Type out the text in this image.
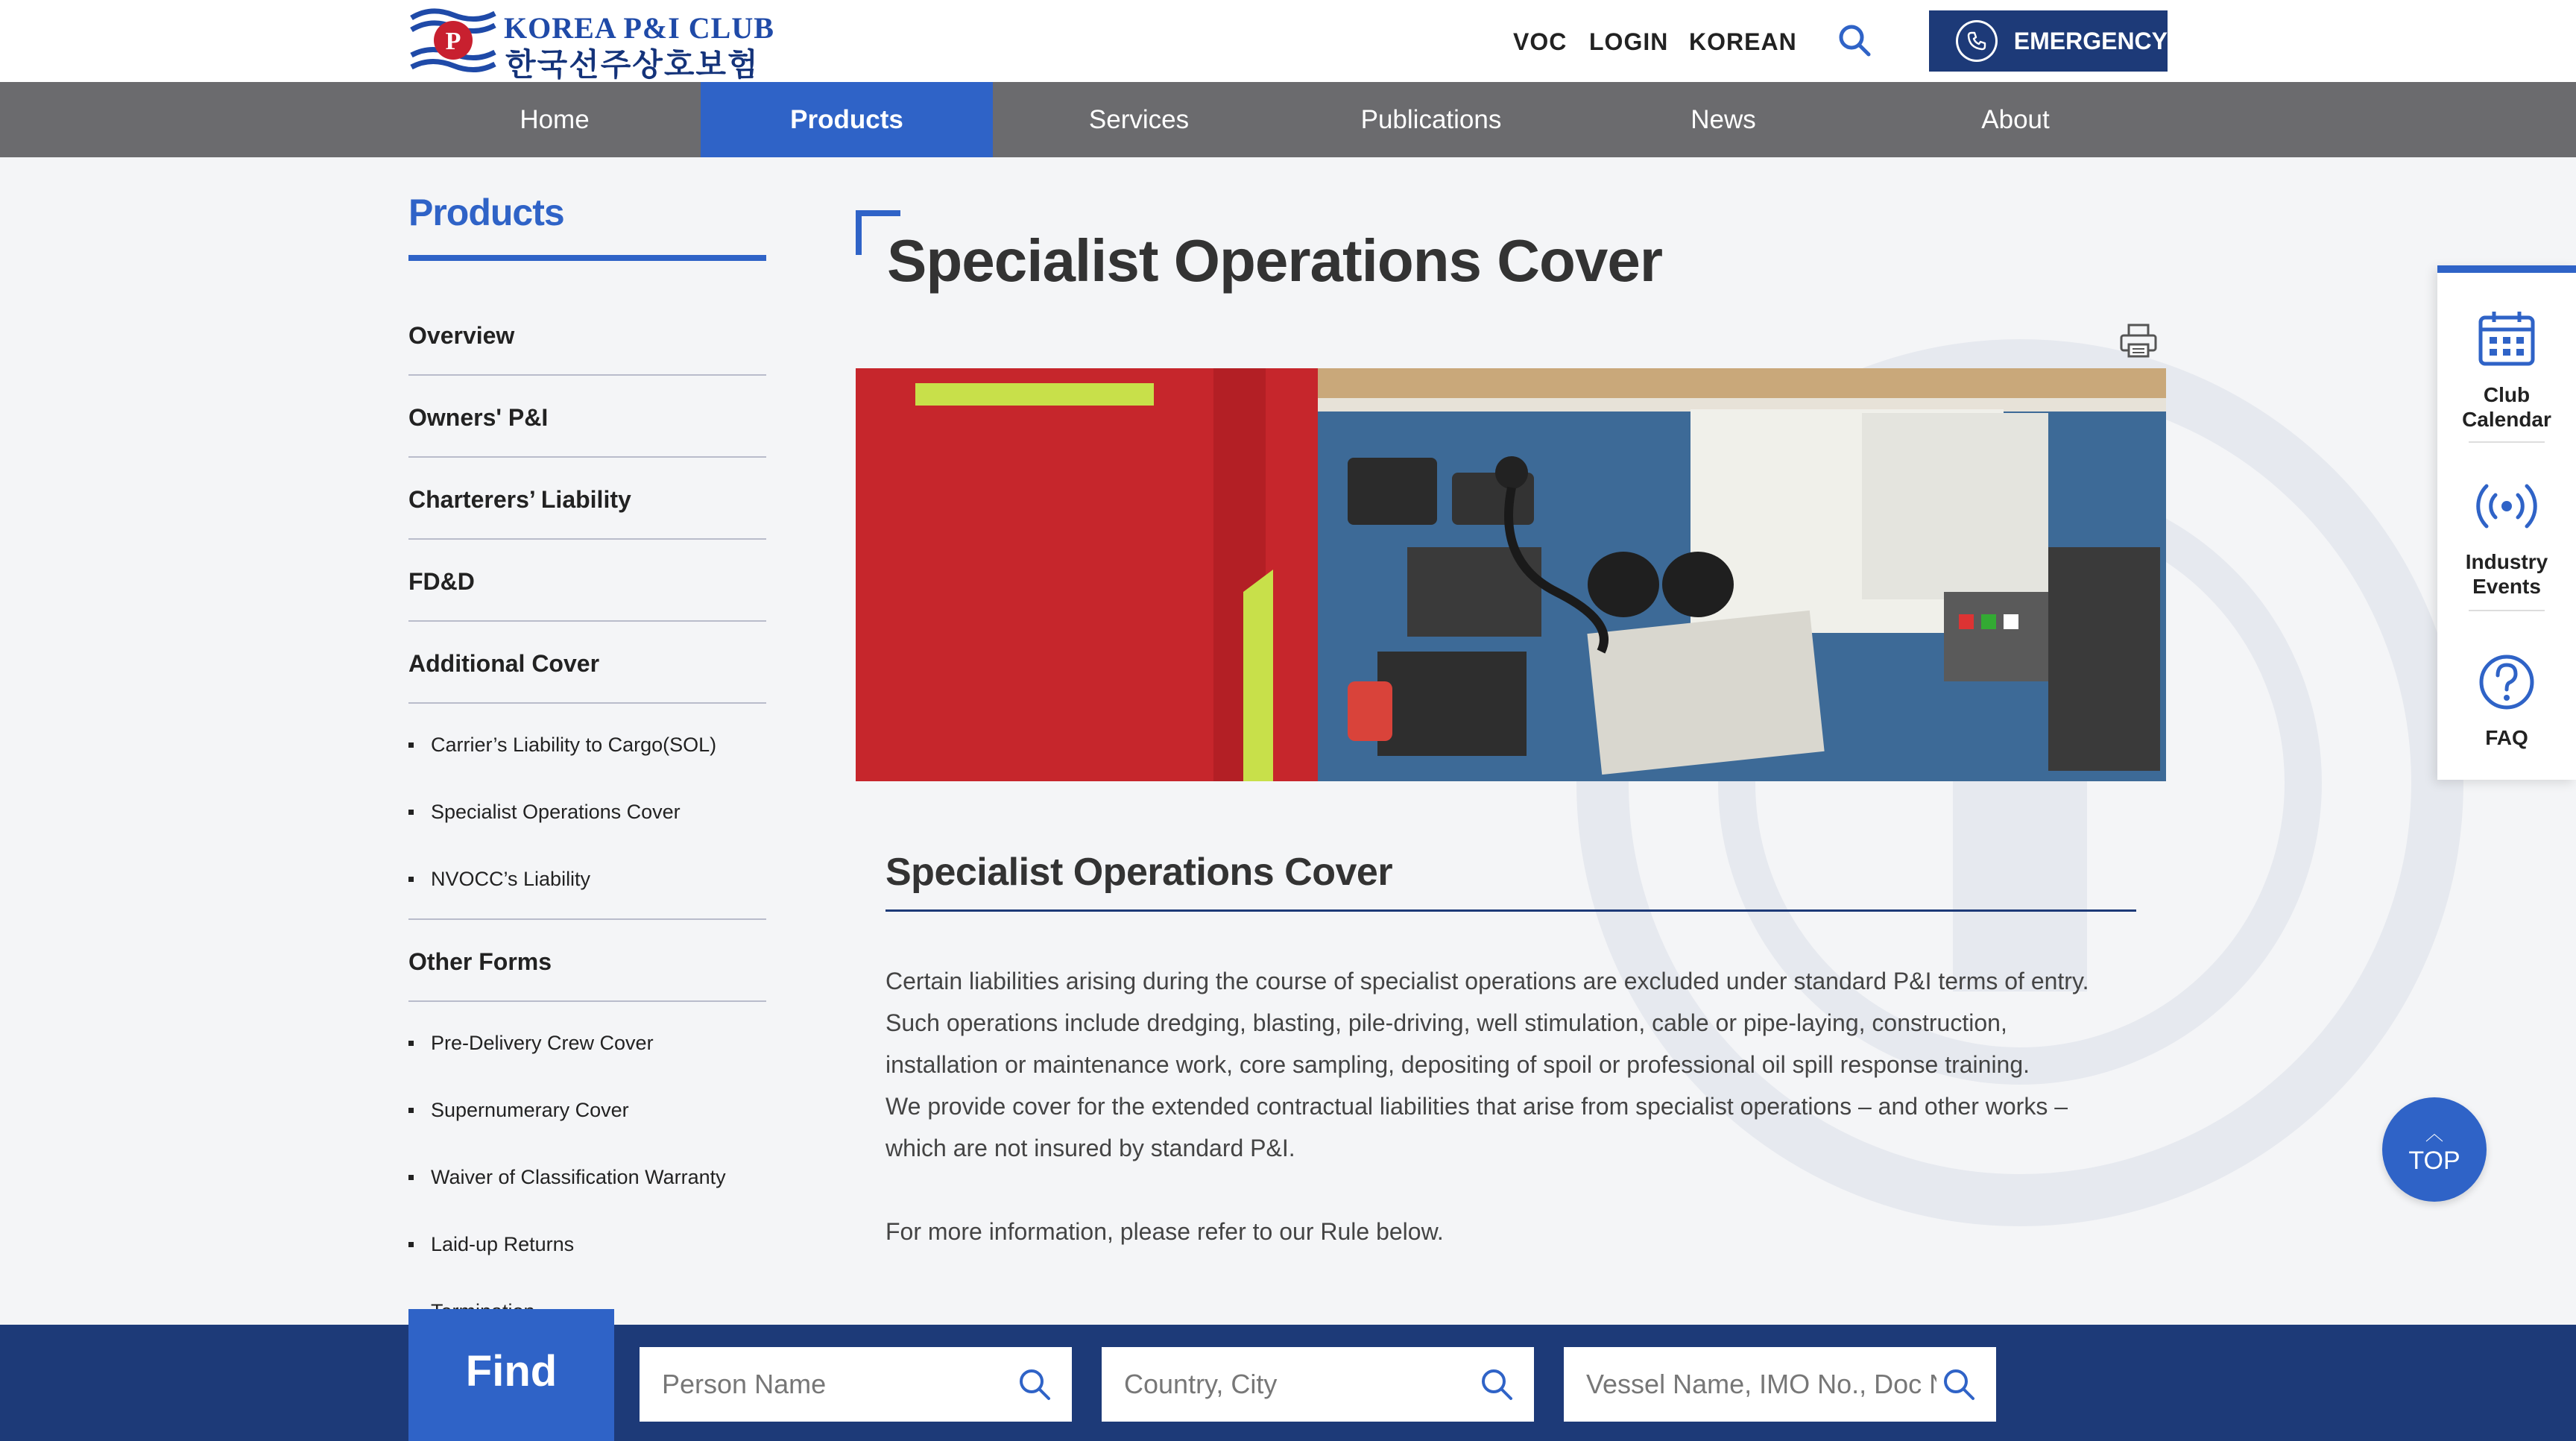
P KOREA P&I CLUB
한국선주상호보험
VOC LOGIN KOREAN	EMERGENCY
Home	Products	Services	Publications	News	About
Products
Overview
Owners' P&I
Charterers’ Liability
FD&D
Additional Cover
Carrier’s Liability to Cargo(SOL)
Specialist Operations Cover
NVOCC’s Liability
Other Forms
Pre-Delivery Crew Cover
Supernumerary Cover
Waiver of Classification Warranty
Laid-up Returns
Specialist Operations Cover
Specialist Operations Cover

Certain liabilities arising during the course of specialist operations are excluded under standard P&I terms of entry.

Such operations include dredging, blasting, pile-driving, well stimulation, cable or pipe-laying, construction,

installation or maintenance work, core sampling, depositing of spoil or professional oil spill response training.

We provide cover for the extended contractual liabilities that arise from specialist operations – and other works –

which are not insured by standard P&I.

For more information, please refer to our Rule below.

Club Calendar
Industry Events
FAQ
︿
TOP
Find
Person Name
Country, City
Vessel Name, IMO No., Doc No
